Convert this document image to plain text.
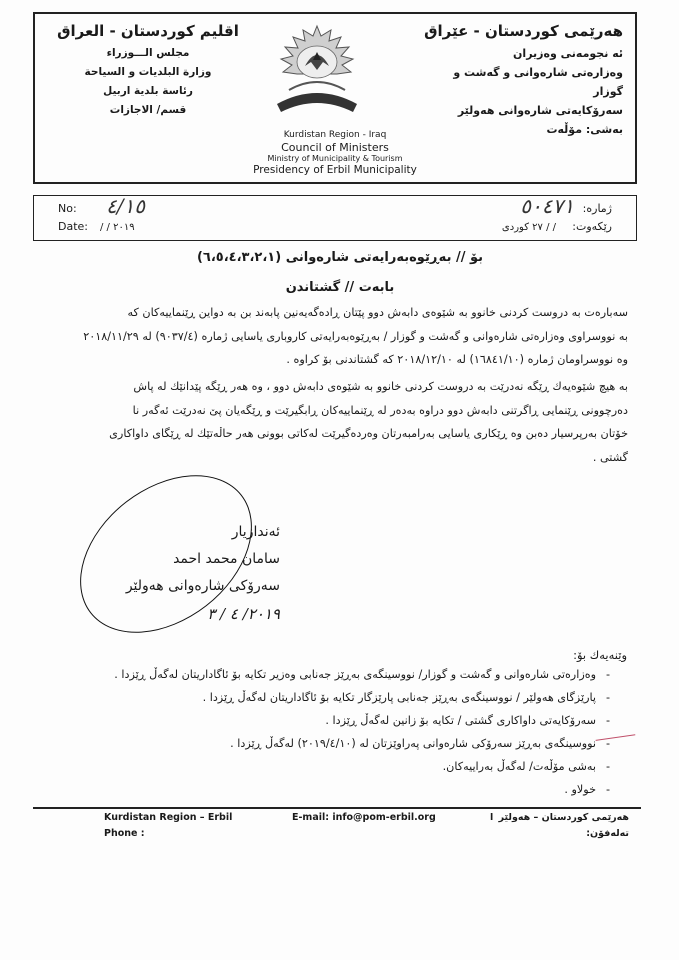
هەرێمی كوردستان - عێراق
ئه نجومه‌نی وه‌زیران
وه‌زاره‌تی شاره‌وانی و گه‌شت و گوزار
سه‌رۆكایه‌تی شاره‌وانی هه‌ولێر
به‌شی: مۆڵه‌ت
اقليم كوردستان - العراق
مجلس الـــوزراء
وزارة البلديات و السياحة
رئاسة بلدية اربيل
قسم/ الاجازات
Kurdistan Region - Iraq
Council of Ministers
Ministry of Municipality & Tourism
Presidency of Erbil Municipality
No: ٤/١٥
Date: / / ٢٠١٩
ژماره:
٥٠٤٧١
رێكه‌وت:
/ / ٢٧ كوردی
بۆ // به‌ڕێوه‌به‌رایه‌تی شاره‌وانی (٦،٥،٤،٣،٢،١)
بابه‌ت // گشتاندن
سه‌باره‌ت به‌ دروست كردنی خانوو به‌ شێوه‌ی دابه‌ش دوو پێتان ڕاده‌گه‌یه‌نین پابه‌ند بن به‌ دواین ڕێنماییه‌كان كه‌
به‌ نووسراوی وه‌زاره‌تی شاره‌وانی و گه‌شت و گوزار / به‌ڕێوه‌به‌رایه‌تی كاروباری یاسایی ژماره‌ (٩٠٣٧/٤) له‌ ٢٠١٨/١١/٢٩
وه‌ نووسراومان ژماره‌ (١٦٨٤١/١٠) له‌ ٢٠١٨/١٢/١٠ كه‌ گشتاندنی بۆ كراوه‌ .
به‌ هیچ شێوه‌یه‌ك ڕێگه‌ نه‌درێت به‌ دروست كردنی خانوو به‌ شێوه‌ی دابه‌ش دوو ، وه‌ هه‌ر ڕێگه‌ پێدانێك له‌ پاش
ده‌رچوونی ڕێنمایی ڕاگرتنی دابه‌ش دوو دراوه‌ به‌ده‌ر له‌ ڕێنماییه‌كان ڕابگیرێت و ڕێگه‌یان پێ نه‌درێت ئه‌گه‌ر نا
خۆتان به‌رپرسیار ده‌بن وه‌ ڕێكاری یاسایی به‌رامبه‌رتان وه‌رده‌گیرێت له‌كاتی بوونی هه‌ر حاڵه‌تێك له‌ ڕێگای داواكاری
گشتی .
ئه‌ندازیار
سامان محمد احمد
سه‌رۆكی شاره‌وانی هه‌ولێر
٢٠١٩/ ٤ / ٣
وێنه‌یه‌ك بۆ:
-وه‌زاره‌تی شاره‌وانی و گه‌شت و گوزار/ نووسینگه‌ی به‌ڕێز جه‌نابی وه‌زیر تكایه‌ بۆ ئاگاداریتان له‌گه‌ڵ ڕێزدا .
-پارێزگای هه‌ولێر / نووسینگه‌ی به‌ڕێز جه‌نابی پارێزگار تكایه‌ بۆ ئاگاداریتان له‌گه‌ڵ ڕێزدا .
-سه‌رۆكایه‌تی داواكاری گشتی / تكایه‌ بۆ زانین له‌گه‌ڵ ڕێزدا .
-نووسینگه‌ی به‌ڕێز سه‌رۆكی شاره‌وانی په‌راوێزتان له‌ (٢٠١٩/٤/١٠) له‌گه‌ڵ ڕێزدا .
-به‌شی مۆڵه‌ت/ له‌گه‌ڵ به‌راییه‌كان.
-خولاو .
Kurdistan Region – Erbil
Phone :
E-mail: info@pom-erbil.org	ا هه‌رێمی كوردستان – هه‌ولێر
ته‌له‌فۆن:
